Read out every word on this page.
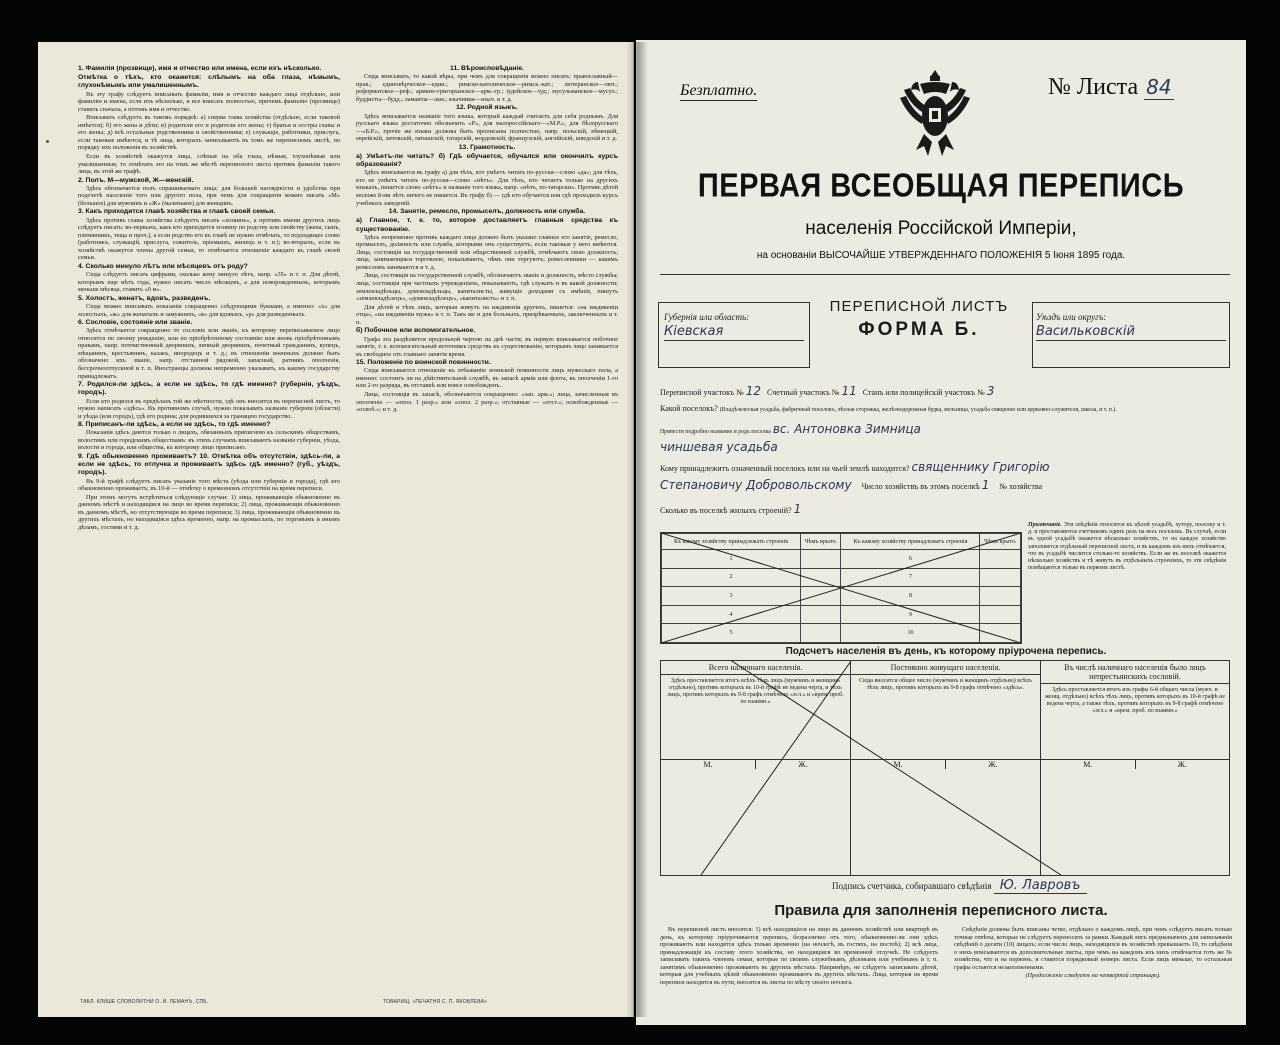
1. Фамилія (прозвище), имя и отчество или имена, если ихъ нѣсколько.
Отмѣтка о тѣхъ, кто окажется: слѣпымъ на оба глаза, нѣмымъ, глухонѣмымъ или умалишеннымъ.

Въ эту графу слѣдуетъ вписывать фамиліи, имя и отчество каждаго лица отдѣльно, или фамилію и имена, если ихъ нѣсколько, и все вписать полностью, причемъ фамилію (прозвище) ставить сначала, а потомъ имя и отчество.

Вписывать слѣдуетъ въ такомъ порядкѣ: а) сперва глава хозяйства (отдѣльно, если таковой имѣется); б) его жена и дѣти; в) родители его и родители его жены; г) братья и сестры главы и его жены; д) всѣ остальные родственники и свойственники; е) служащіе, работники, прислуга, если таковые имѣются, и тѣ лица, которыхъ записываютъ въ томъ же переписномъ листѣ, по порядку ихъ положенія въ хозяйствѣ.

Если въ хозяйствѣ окажутся лица, слѣпыя на оба глаза, нѣмыя, глухонѣмыя или умалишенныя, то отмѣчать это на томъ же мѣстѣ переписного листа противъ фамиліи такого лица, въ этой же графѣ.

2. Полъ. М—мужской, Ж—женскій.

Здѣсь обозначается полъ спрашиваемаго лица; для большей наглядности и удобства при подсчетѣ населенія того или другого пола, при чемъ для сокращенія можно писать «М» (большое) для мужчинъ и «Ж» (маленькое) для женщинъ.

3. Какъ приходится главѣ хозяйства и главѣ своей семьи.

Здѣсь противъ главы хозяйства слѣдуетъ писать «хозяинъ», а противъ имени другихъ лицъ слѣдуетъ писать: во-первыхъ, какъ кто приходится хозяину по родству или свойству (жена, сынъ, племянникъ, теща и проч.), а если родство его къ главѣ не нужно отмѣчать, то подходящее слово (работникъ, служащій, прислуга, сожитель, пріемышъ, жилецъ и т. п.); во-вторыхъ, если въ хозяйствѣ окажутся члены другой семьи, то отмѣчается отношеніе каждаго къ главѣ своей семьи.

4. Сколько минуло лѣтъ или мѣсяцевъ отъ роду?

Сюда слѣдуетъ писать цифрами, сколько кому минуло лѣтъ, напр. «35» и т. п. Для дѣтей, которымъ еще нѣтъ года, нужно писать число мѣсяцевъ, а для новорожденныхъ, которымъ меньше мѣсяца, ставить «0 м».

5. Холостъ, женатъ, вдовъ, разведенъ.

Сюда можно вписывать показанія сокращенно слѣдующими буквами, а именно: «х» для холостыхъ, «ж» для женатыхъ и замужнихъ, «в» для вдовыхъ, «р» для разведенныхъ.

6. Сословіе, состояніе или званіе.

Здѣсь отмѣчается сокращенно то сословіе или званіе, къ которому переписываемое лицо относится по своему рожденію, или по пріобрѣтенному состоянію или вновь пріобрѣтеннымъ правамъ, напр. потомственный дворянинъ, личный дворянинъ, почетный гражданинъ, купецъ, мѣщанинъ, крестьянинъ, казакъ, инородецъ и т. д.; въ отношеніи военныхъ должно быть обозначено ихъ званіе, напр. отставной рядовой, запасный, ратникъ ополченія, бессрочноотпускной и т. п. Иностранцы должны непременно указывать, къ какому государству принадлежатъ.

7. Родился-ли здѣсь, а если не здѣсь, то гдѣ именно? (губернія, уѣздъ, городъ).

Если кто родился въ предѣлахъ той же мѣстности, гдѣ онъ вносится въ переписной листъ, то нужно написать «здѣсь». Въ противномъ случаѣ, нужно показывать названіе губерніи (области) и уѣзда (или городъ), гдѣ его родина; для родившихся за границею государство.

8. Приписанъ-ли здѣсь, а если не здѣсь, то гдѣ именно?

Показанія здѣсь даются только о лицахъ, обязанныхъ приписною къ сельскимъ обществамъ, волостямъ или городскимъ обществамъ: въ этихъ случаяхъ вписываютъ названіе губерніи, уѣзда, волости и города, или общества, къ которому лицо приписано.

9. Гдѣ обыкновенно проживаетъ? 10. Отмѣтка объ отсутствіи, здѣсь-ли, а если не здѣсь, то отлучка и проживаетъ здѣсь гдѣ именно? (губ., уѣздъ, городъ).

Въ 9-й графѣ слѣдуетъ писать указаніе того мѣста (уѣзда или губерніи и города), гдѣ кто обыкновенно проживаетъ; въ 10-й — отмѣтку о временномъ отсутствіи на время переписи.

При этомъ могутъ встрѣтиться слѣдующіе случаи: 1) лица, проживающія обыкновенно въ данномъ мѣстѣ и находящіяся на лицо во время переписи; 2) лица, проживающія обыкновенно въ данномъ мѣстѣ, но отсутствующія во время переписи; 3) лица, проживающія обыкновенно въ другихъ мѣстахъ, но находящіяся здѣсь временно, напр. на промыслахъ, по торговымъ и инымъ дѣламъ, гостями и т. д.

11. Вѣроисповѣданіе.

Сюда вписывать, то какой вѣры, при чемъ для сокращенія можно писать: православный—прав.; единовѣрческое—един.; римско-католическое—римск.-кат.; лютеранское—лют.; реформатское—реф.; армяно-григоріанское—арм.-гр.; іудейское—іуд.; мусульманское—мусул.; буддисты—будд.; ламаиты—лам.; язычники—языч. и т. д.

12. Родной языкъ.

Здѣсь вписывается названіе того языка, который каждый считаетъ для себя роднымъ. Для русскаго языка достаточно обозначить «Р», для малороссійскаго—«М.Р.», для бѣлорусскаго—«Б.Р.», прочіе же языки должны быть прописаны полностью, напр. польскій, нѣмецкій, еврейскій, литовскій, латышскій, татарскій, мордовскій, французскій, англійскій, шведскій и т. д.

13. Грамотность.
а) Умѣетъ-ли читать? б) Гдѣ обучается, обучался или окончилъ курсъ образованія?

Здѣсь вписывается въ графу а) для тѣхъ, кто умѣетъ читать по-русски—слово «да»; для тѣхъ, кто не умѣетъ читать по-русски—слово «нѣтъ». Для тѣхъ, кто читаетъ только на другихъ языкахъ, пишется слово «нѣтъ» и названіе того языка, напр. «нѣтъ, по-татарски». Противъ дѣтей моложе 8-ми лѣтъ ничего не пишется. Въ графу б) — гдѣ кто обучается или гдѣ проходилъ курсъ учебныхъ заведеній.

14. Занятіе, ремесло, промыселъ, должность или служба.
а) Главное, т. е. то, которое доставляетъ главныя средства къ существованію.

Здѣсь непременно противъ каждаго лица должно быть указано главное его занятіе, ремесло, промыселъ, должность или служба, которыми онъ существуетъ, если таковыя у него имѣются. Лица, состоящія на государственной или общественной службѣ, отмѣчаютъ свою должность; лица, занимающіяся торговлею, показываютъ, чѣмъ они торгуютъ; ремесленники — какимъ ремесломъ занимаются и т. д.

Лица, состоящія на государственной службѣ, обозначаютъ званіе и должность, мѣсто службы; лица, состоящія при частныхъ учрежденіяхъ, показываютъ, гдѣ служатъ и въ какой должности; землевладѣльцы, домовладѣльцы, капиталисты, живущіе доходами съ имѣнія, пишутъ «землевладѣлецъ», «домовладѣлецъ», «капиталистъ» и т. п.

Для дѣтей и тѣхъ лицъ, которыя живутъ на иждивеніи другихъ, пишется: «на иждивеніи отца», «на иждивеніи мужа» и т. п. Такъ же и для больныхъ, призрѣваемыхъ, заключенныхъ и т. п.

б) Побочное или вспомогательное.

Графа эта раздѣляется продольной чертою на двѣ части; въ первую вписывается побочное занятіе, т. е. вспомогательный источникъ средствъ къ существованію, которымъ лицо занимается въ свободное отъ главнаго занятія время.

15. Положеніе по воинской повинности.

Сюда вписывается отношеніе къ отбыванію воинской повинности лицъ мужескаго пола, а именно: состоитъ ли на дѣйствительной службѣ, въ запасѣ арміи или флота, въ ополченіи 1-го или 2-го разряда, въ отставкѣ или вовсе освобожденъ.

Лица, состоящія въ запасѣ, обозначаются сокращенно: «зап. арм.»; лица, зачисленныя въ ополченіе — «опол. 1 разр.» или «опол. 2 разр.»; отставные — «отст.»; освобожденные — «освоб.»; и т. д.

ТАБЛ. КЛИШЕ СЛОВОЛИТНИ О. И. ЛЕМАНЪ, СПБ.	ТОВАРИЩ. «ПЕЧАТНЯ С. П. ЯКОВЛЕВА»
Безплатно.	№ Листа 84
ПЕРВАЯ ВСЕОБЩАЯ ПЕРЕПИСЬ
населенія Россійской Имперіи,
на основаніи ВЫСОЧАЙШЕ УТВЕРЖДЕННАГО ПОЛОЖЕНІЯ 5 Іюня 1895 года.
Губернія или область:
Кіевская
ПЕРЕПИСНОЙ ЛИСТЪ
ФОРМА Б.
Уѣздъ или округъ:
Васильковскій
Переписной участокъ № 12 Счетный участокъ № 11 Станъ или полицейскій участокъ № 3
Какой поселокъ? (Владѣльческая усадьба, фабричный поселокъ, лѣсная сторожка, желѣзнодорожная будка, мельница, усадьба священно или церковно-служителя, школа, и т. п.).
Привести подробно название и родъ поселка вс. Антоновка Зимница
чиншевая усадьба
Кому принадлежитъ означенный поселокъ или на чьей землѣ находится? священнику Григорію
Степановичу Добровольскому Число хозяйствъ въ этомъ поселкѣ 1 № хозяйства
Сколько въ поселкѣ жилыхъ строеній? 1
Къ какому хозяйству принадлежатъ строенія	Чѣмъ крыто.	Къ какому хозяйству принадлежатъ строенія	Чѣмъ крыто.
1		6	
2		7	
3		8	
4		9	
5		10	
Примѣчаніе. Эти свѣдѣнія относятся къ цѣлой усадьбѣ, хутору, поселку и т. д. и проставляются счетчикомъ одинъ разъ на весь поселокъ. Въ случаѣ, если въ одной усадьбѣ окажется нѣсколько хозяйствъ, то на каждое хозяйство заполняется отдѣльный переписной листъ, и въ каждомъ изъ нихъ отмѣчается, что въ усадьбѣ числится столько-то хозяйствъ. Если же въ поселкѣ окажется нѣсколько хозяйствъ и тѣ живутъ въ отдѣльныхъ строеніяхъ, то эти свѣдѣнія помѣщаются только въ первомъ листѣ.
Подсчетъ населенія въ день, къ которому пріурочена перепись.
Всего наличнаго населенія.
Здѣсь проставляется итогъ всѣхъ тѣхъ лицъ (мужчинъ и женщинъ отдѣльно), противъ которыхъ въ 10-й графѣ не ведена черта, и тѣхъ лицъ, противъ которыхъ въ 9-8 графъ отмѣчено «зсл.» и «врем. проб. по взаимн.»
М.	Ж.
Постоянно живущаго населенія.
Сюда вносится общее число (мужчинъ и женщинъ отдѣльно) всѣхъ тѣхъ лицъ, противъ которыхъ въ 9-8 графъ отмѣчено «здѣсь».
М.	Ж.
Въ числѣ наличнаго населенія было лицъ непрестьянскихъ сословій.
Здѣсь проставляется итогъ изъ графы 6-й общаго числа (мужч. и женщ. отдѣльно) всѣхъ тѣхъ лицъ, противъ которыхъ въ 10-й графѣ не ведена черта, а также тѣхъ, противъ которыхъ въ 9-8 графѣ отмѣчено «зсл.» и «врем. проб. по взаимн.»
М.	Ж.
Подпись счетчика, собиравшаго свѣдѣнія Ю. Лавровъ
Правила для заполненія переписного листа.

Въ переписной листъ вносятся: 1) всѣ находящіеся на лицо въ данномъ хозяйствѣ или квартирѣ въ день, къ которому пріурочивается перепись, безразлично отъ того, обыкновенно-ли они здѣсь проживаютъ или находятся здѣсь только временно (на ночлегѣ, въ гостяхъ, на постоѣ); 2) всѣ лица, принадлежащія къ составу этого хозяйства, но находящіяся во временной отлучкѣ. Не слѣдуетъ записывать такихъ членовъ семьи, которые по своимъ служебнымъ, дѣловымъ или учебнымъ и т. п. занятіямъ обыкновенно проживаютъ въ другихъ мѣстахъ. Напримѣръ, не слѣдуетъ записывать дѣтей, которыя для учебныхъ цѣлей обыкновенно проживаютъ въ другихъ мѣстахъ. Лица, которыя на время переписи находятся въ пути, вносятся въ листы по мѣсту своего ночлега.

Свѣдѣнія должны быть вписаны четко, отдѣльно о каждомъ лицѣ, при чемъ слѣдуетъ писать только точные отвѣты, которые не слѣдуетъ переносить за рамки. Каждый лисъ предназначенъ для записыванія свѣдѣній о десяти (10) лицахъ; если число лицъ, находящихся въ хозяйствѣ превышаетъ 10, то свѣдѣнія о нихъ вписываются въ дополнительные листы, при чемъ на каждомъ изъ нихъ отмѣчается тотъ же № хозяйства, что и на первомъ, и ставится порядковый номеръ листа. Если лицъ меньше, то остальныя графы остаются незаполненными.

(Продолженіе слѣдуетъ на четвертой страницѣ).
